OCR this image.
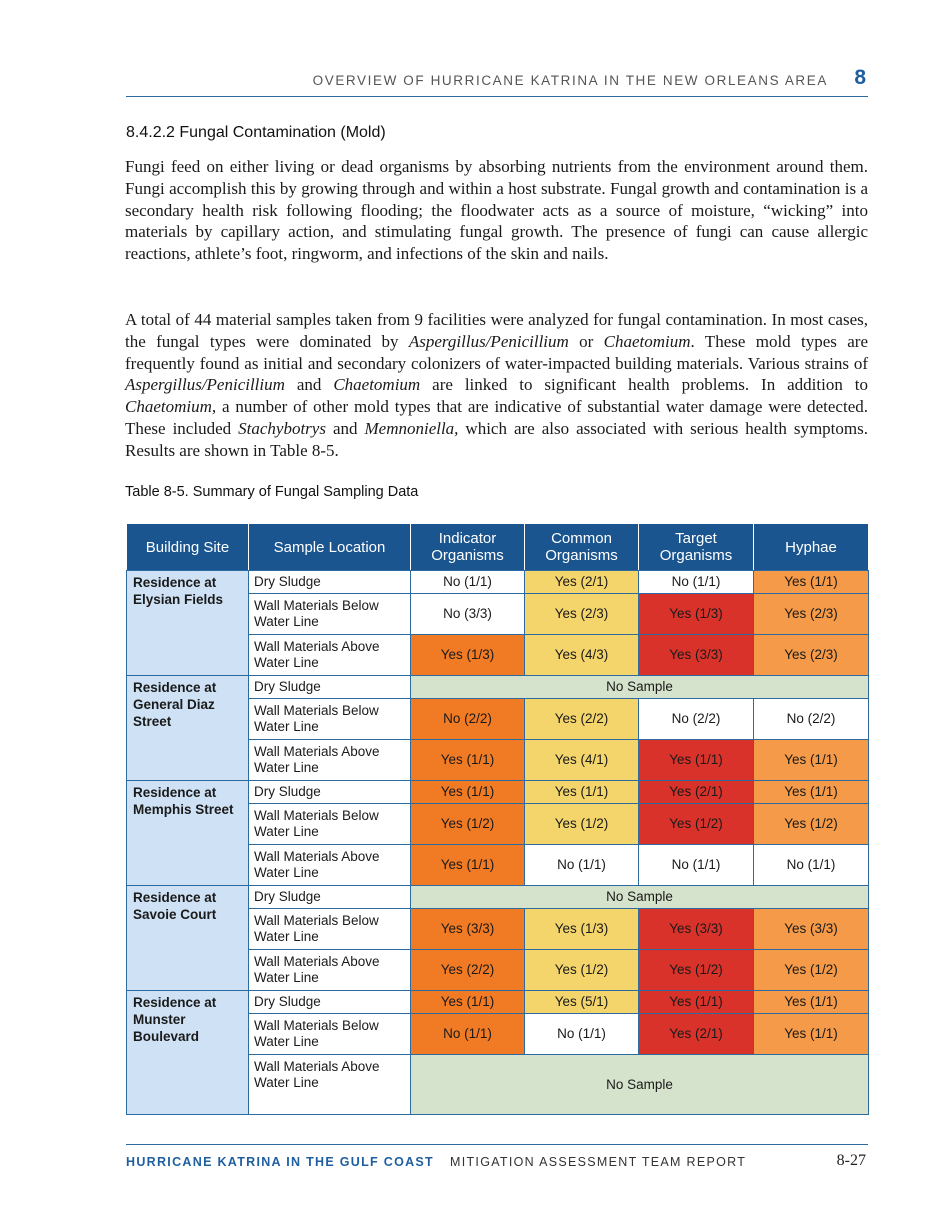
OVERVIEW OF HURRICANE KATRINA IN THE NEW ORLEANS AREA 8
8.4.2.2 Fungal Contamination (Mold)

Fungi feed on either living or dead organisms by absorbing nutrients from the environment around them. Fungi accomplish this by growing through and within a host substrate. Fungal growth and contamination is a secondary health risk following flooding; the floodwater acts as a source of moisture, “wicking” into materials by capillary action, and stimulating fungal growth. The presence of fungi can cause allergic reactions, athlete’s foot, ringworm, and infections of the skin and nails.

A total of 44 material samples taken from 9 facilities were analyzed for fungal contamination. In most cases, the fungal types were dominated by Aspergillus/Penicillium or Chaetomium. These mold types are frequently found as initial and secondary colonizers of water-impacted building materials. Various strains of Aspergillus/Penicillium and Chaetomium are linked to significant health problems. In addition to Chaetomium, a number of other mold types that are indicative of substantial water damage were detected. These included Stachybotrys and Memnoniella, which are also associated with serious health symptoms. Results are shown in Table 8-5.

Table 8-5. Summary of Fungal Sampling Data
Building Site	Sample Location	Indicator Organisms	Common Organisms	Target Organisms	Hyphae
Residence at Elysian Fields	Dry Sludge	No (1/1)	Yes (2/1)	No (1/1)	Yes (1/1)
	Wall Materials Below Water Line	No (3/3)	Yes (2/3)	Yes (1/3)	Yes (2/3)
	Wall Materials Above Water Line	Yes (1/3)	Yes (4/3)	Yes (3/3)	Yes (2/3)
Residence at General Diaz Street	Dry Sludge	No Sample			
	Wall Materials Below Water Line	No (2/2)	Yes (2/2)	No (2/2)	No (2/2)
	Wall Materials Above Water Line	Yes (1/1)	Yes (4/1)	Yes (1/1)	Yes (1/1)
Residence at Memphis Street	Dry Sludge	Yes (1/1)	Yes (1/1)	Yes (2/1)	Yes (1/1)
	Wall Materials Below Water Line	Yes (1/2)	Yes (1/2)	Yes (1/2)	Yes (1/2)
	Wall Materials Above Water Line	Yes (1/1)	No (1/1)	No (1/1)	No (1/1)
Residence at Savoie Court	Dry Sludge	No Sample			
	Wall Materials Below Water Line	Yes (3/3)	Yes (1/3)	Yes (3/3)	Yes (3/3)
	Wall Materials Above Water Line	Yes (2/2)	Yes (1/2)	Yes (1/2)	Yes (1/2)
Residence at Munster Boulevard	Dry Sludge	Yes (1/1)	Yes (5/1)	Yes (1/1)	Yes (1/1)
	Wall Materials Below Water Line	No (1/1)	No (1/1)	Yes (2/1)	Yes (1/1)
	Wall Materials Above Water Line	No Sample			
HURRICANE KATRINA IN THE GULF COAST MITIGATION ASSESSMENT TEAM REPORT	8-27
